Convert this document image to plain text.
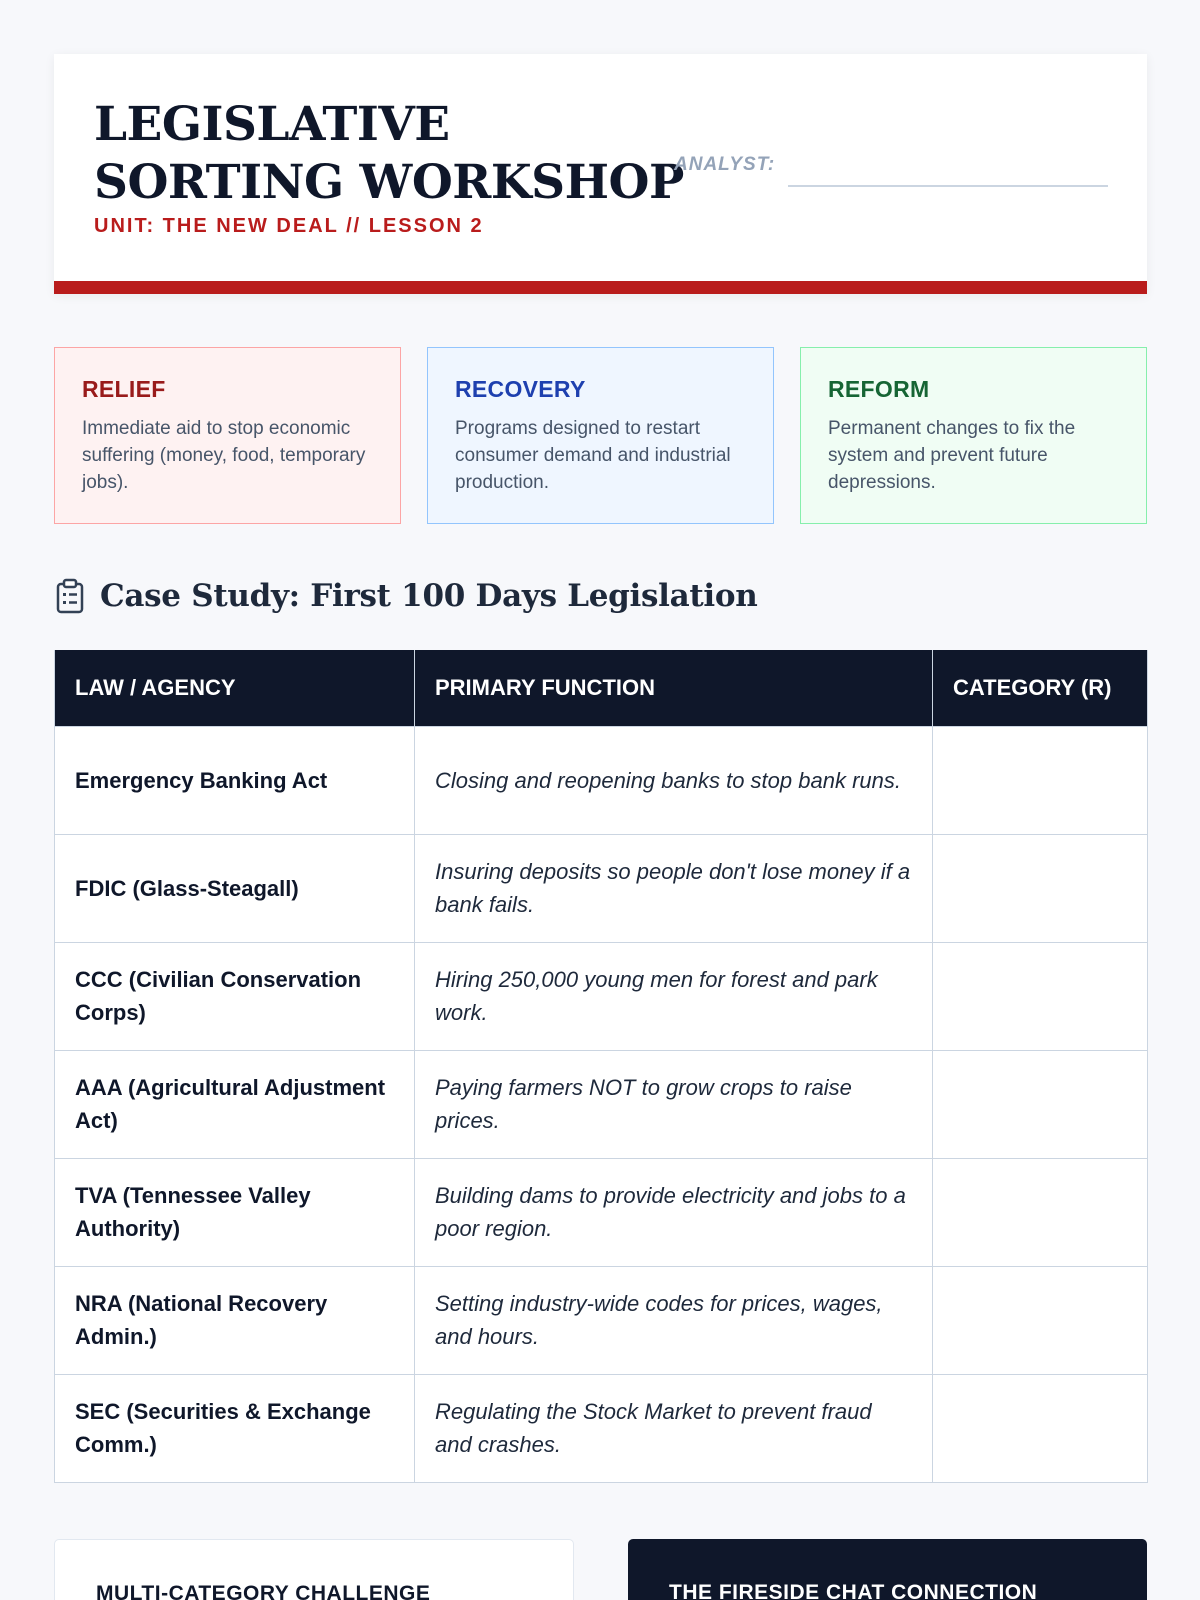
LEGISLATIVE SORTING WORKSHOP
UNIT: THE NEW DEAL // LESSON 2
ANALYST:
RELIEF
Immediate aid to stop economic suffering (money, food, temporary jobs).
RECOVERY
Programs designed to restart consumer demand and industrial production.
REFORM
Permanent changes to fix the system and prevent future depressions.
Case Study: First 100 Days Legislation
LAW / AGENCY	PRIMARY FUNCTION	CATEGORY (R)
Emergency Banking Act	Closing and reopening banks to stop bank runs.	
FDIC (Glass-Steagall)	Insuring deposits so people don't lose money if a bank fails.	
CCC (Civilian Conservation Corps)	Hiring 250,000 young men for forest and park work.	
AAA (Agricultural Adjustment Act)	Paying farmers NOT to grow crops to raise prices.	
TVA (Tennessee Valley Authority)	Building dams to provide electricity and jobs to a poor region.	
NRA (National Recovery Admin.)	Setting industry-wide codes for prices, wages, and hours.	
SEC (Securities & Exchange Comm.)	Regulating the Stock Market to prevent fraud and crashes.	
MULTI-CATEGORY CHALLENGE	THE FIRESIDE CHAT CONNECTION
